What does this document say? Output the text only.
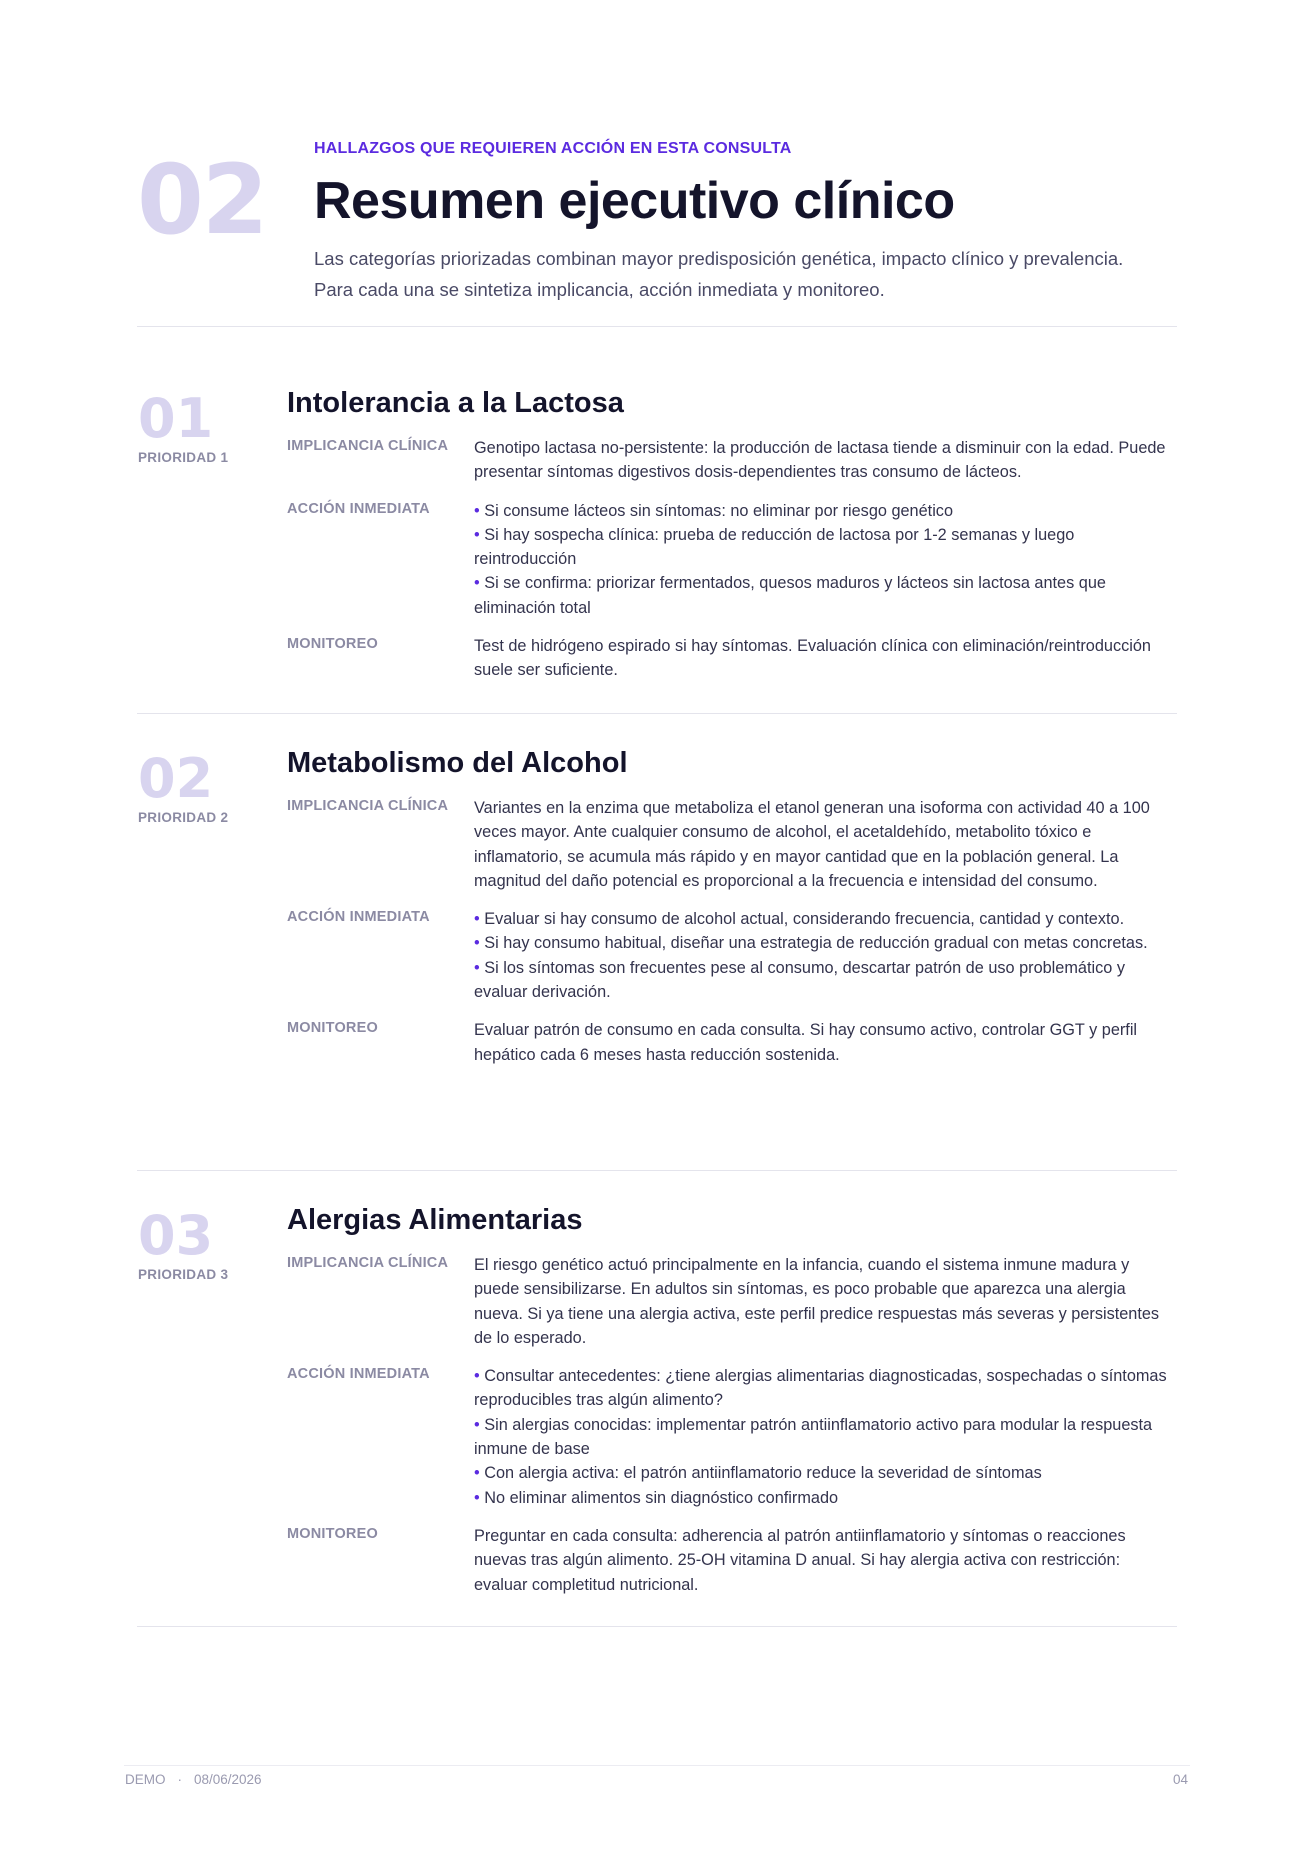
02	HALLAZGOS QUE REQUIEREN ACCIÓN EN ESTA CONSULTA

Resumen ejecutivo clínico
Las categorías priorizadas combinan mayor predisposición genética, impacto clínico y prevalencia.
Para cada una se sintetiza implicancia, acción inmediata y monitoreo.
01
PRIORIDAD 1
Intolerancia a la Lactosa
IMPLICANCIA CLÍNICA	Genotipo lactasa no-persistente: la producción de lactasa tiende a disminuir con la edad. Puede presentar síntomas digestivos dosis-dependientes tras consumo de lácteos.
ACCIÓN INMEDIATA	• Si consume lácteos sin síntomas: no eliminar por riesgo genético
• Si hay sospecha clínica: prueba de reducción de lactosa por 1-2 semanas y luego reintroducción
• Si se confirma: priorizar fermentados, quesos maduros y lácteos sin lactosa antes que eliminación total
MONITOREO	Test de hidrógeno espirado si hay síntomas. Evaluación clínica con eliminación/reintroducción suele ser suficiente.
02
PRIORIDAD 2
Metabolismo del Alcohol
IMPLICANCIA CLÍNICA	Variantes en la enzima que metaboliza el etanol generan una isoforma con actividad 40 a 100 veces mayor. Ante cualquier consumo de alcohol, el acetaldehído, metabolito tóxico e inflamatorio, se acumula más rápido y en mayor cantidad que en la población general. La magnitud del daño potencial es proporcional a la frecuencia e intensidad del consumo.
ACCIÓN INMEDIATA	• Evaluar si hay consumo de alcohol actual, considerando frecuencia, cantidad y contexto.
• Si hay consumo habitual, diseñar una estrategia de reducción gradual con metas concretas.
• Si los síntomas son frecuentes pese al consumo, descartar patrón de uso problemático y evaluar derivación.
MONITOREO	Evaluar patrón de consumo en cada consulta. Si hay consumo activo, controlar GGT y perfil hepático cada 6 meses hasta reducción sostenida.
03
PRIORIDAD 3
Alergias Alimentarias
IMPLICANCIA CLÍNICA	El riesgo genético actuó principalmente en la infancia, cuando el sistema inmune madura y puede sensibilizarse. En adultos sin síntomas, es poco probable que aparezca una alergia nueva. Si ya tiene una alergia activa, este perfil predice respuestas más severas y persistentes de lo esperado.
ACCIÓN INMEDIATA	• Consultar antecedentes: ¿tiene alergias alimentarias diagnosticadas, sospechadas o síntomas reproducibles tras algún alimento?
• Sin alergias conocidas: implementar patrón antiinflamatorio activo para modular la respuesta inmune de base
• Con alergia activa: el patrón antiinflamatorio reduce la severidad de síntomas
• No eliminar alimentos sin diagnóstico confirmado
MONITOREO	Preguntar en cada consulta: adherencia al patrón antiinflamatorio y síntomas o reacciones nuevas tras algún alimento. 25-OH vitamina D anual. Si hay alergia activa con restricción: evaluar completitud nutricional.
DEMO · 08/06/2026	04
